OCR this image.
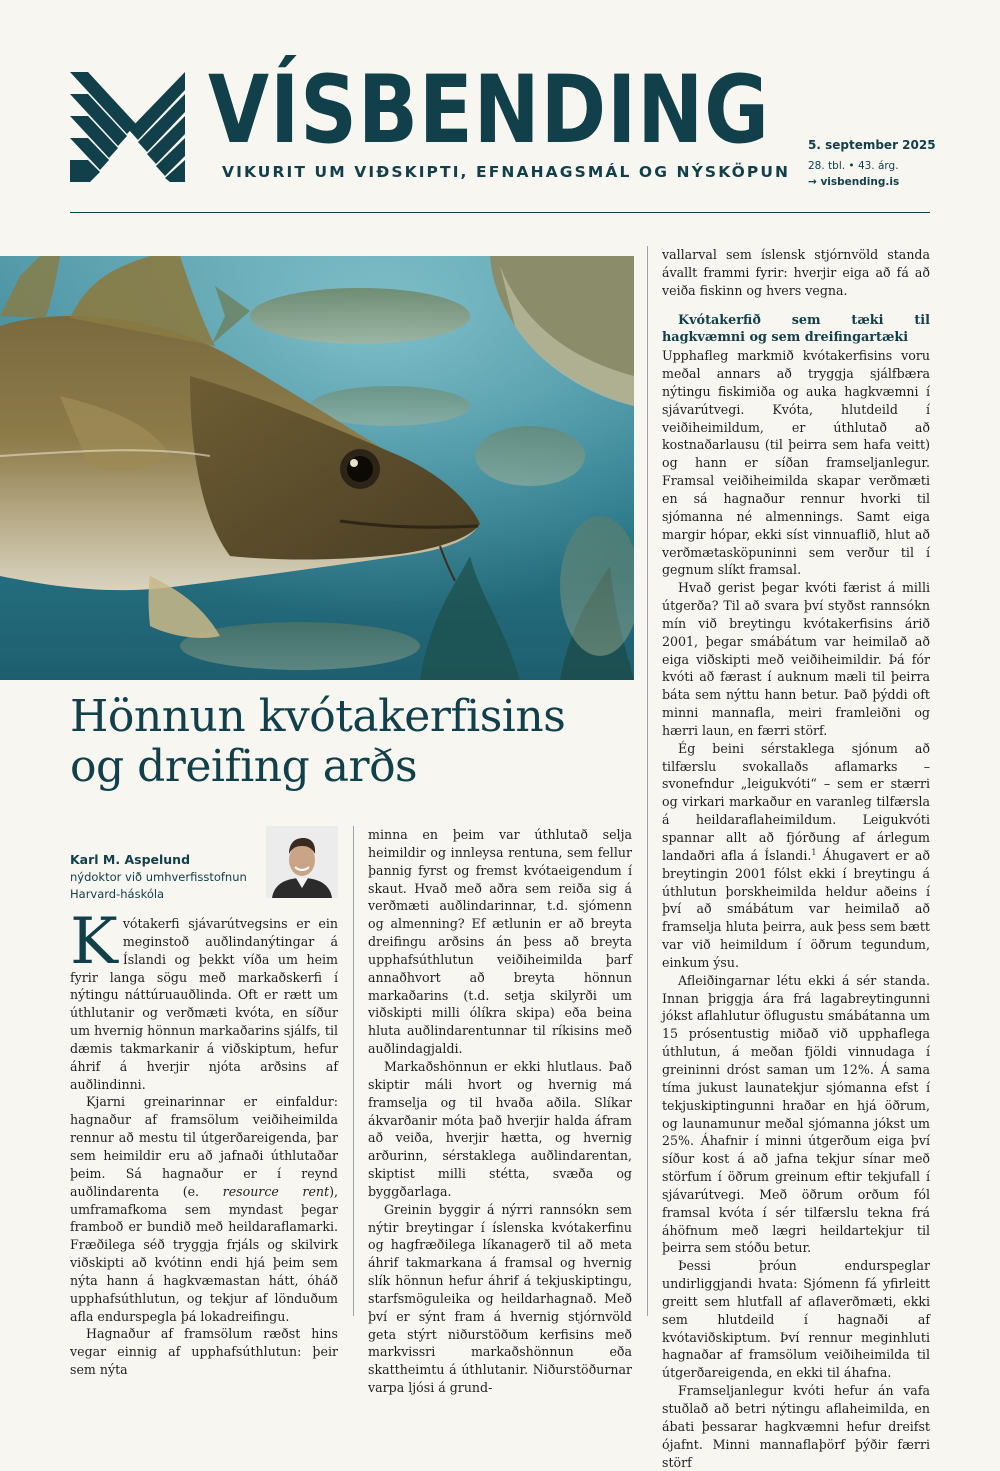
VÍSBENDING
VIKURIT UM VIÐSKIPTI, EFNAHAGSMÁL OG NÝSKÖPUN
5. september 2025
28. tbl. • 43. árg.
→ visbending.is
Hönnun kvótakerfisins
og dreifing arðs
Karl M. Aspelund
nýdoktor við umhverfisstofnun
Harvard-háskóla

Kvótakerfi sjávarútvegsins er ein meginstoð auðlindanýtingar á Íslandi og þekkt víða um heim fyrir langa sögu með markaðskerfi í nýtingu náttúruauðlinda. Oft er rætt um úthlutanir og verðmæti kvóta, en síður um hvernig hönnun markaðarins sjálfs, til dæmis takmarkanir á viðskiptum, hefur áhrif á hverjir njóta arðsins af auðlindinni.

Kjarni greinarinnar er einfaldur: hagnaður af framsölum veiðiheimilda rennur að mestu til útgerðareigenda, þar sem heimildir eru að jafnaði úthlutaðar þeim. Sá hagnaður er í reynd auðlindarenta (e. resource rent), umframafkoma sem myndast þegar framboð er bundið með heildaraflamarki. Fræðilega séð tryggja frjáls og skilvirk viðskipti að kvótinn endi hjá þeim sem nýta hann á hagkvæmastan hátt, óháð upphafsúthlutun, og tekjur af lönduðum afla endurspegla þá lokadreifingu.

Hagnaður af framsölum ræðst hins vegar einnig af upphafsúthlutun: þeir sem nýta

minna en þeim var úthlutað selja heimildir og innleysa rentuna, sem fellur þannig fyrst og fremst kvótaeigendum í skaut. Hvað með aðra sem reiða sig á verðmæti auðlindarinnar, t.d. sjómenn og almenning? Ef ætlunin er að breyta dreifingu arðsins án þess að breyta upphafsúthlutun veiðiheimilda þarf annaðhvort að breyta hönnun markaðarins (t.d. setja skilyrði um viðskipti milli ólíkra skipa) eða beina hluta auðlindarentunnar til ríkisins með auðlindagjaldi.

Markaðshönnun er ekki hlutlaus. Það skiptir máli hvort og hvernig má framselja og til hvaða aðila. Slíkar ákvarðanir móta það hverjir halda áfram að veiða, hverjir hætta, og hvernig arðurinn, sérstaklega auðlindarentan, skiptist milli stétta, svæða og byggðarlaga.

Greinin byggir á nýrri rannsókn sem nýtir breytingar í íslenska kvótakerfinu og hagfræðilega líkanagerð til að meta áhrif takmarkana á framsal og hvernig slík hönnun hefur áhrif á tekjuskiptingu, starfsmöguleika og heildarhagnað. Með því er sýnt fram á hvernig stjórnvöld geta stýrt niðurstöðum kerfisins með markvissri markaðshönnun eða skattheimtu á úthlutanir. Niðurstöðurnar varpa ljósi á grund-

vallarval sem íslensk stjórnvöld standa ávallt frammi fyrir: hverjir eiga að fá að veiða fiskinn og hvers vegna.

Kvótakerfið sem tæki til hagkvæmni og sem dreifingartæki

Upphafleg markmið kvótakerfisins voru meðal annars að tryggja sjálfbæra nýtingu fiskimiða og auka hagkvæmni í sjávarútvegi. Kvóta, hlutdeild í veiðiheimildum, er úthlutað að kostnaðarlausu (til þeirra sem hafa veitt) og hann er síðan framseljanlegur. Framsal veiðiheimilda skapar verðmæti en sá hagnaður rennur hvorki til sjómanna né almennings. Samt eiga margir hópar, ekki síst vinnuaflið, hlut að verðmætasköpuninni sem verður til í gegnum slíkt framsal.

Hvað gerist þegar kvóti færist á milli útgerða? Til að svara því styðst rannsókn mín við breytingu kvótakerfisins árið 2001, þegar smábátum var heimilað að eiga viðskipti með veiðiheimildir. Þá fór kvóti að færast í auknum mæli til þeirra báta sem nýttu hann betur. Það þýddi oft minni mannafla, meiri framleiðni og hærri laun, en færri störf.

Ég beini sérstaklega sjónum að tilfærslu svokallaðs aflamarks – svonefndur „leigukvóti“ – sem er stærri og virkari markaður en varanleg tilfærsla á heildaraflaheimildum. Leigukvóti spannar allt að fjórðung af árlegum landaðri afla á Íslandi.$^1$ Áhugavert er að breytingin 2001 fólst ekki í breytingu á úthlutun þorskheimilda heldur aðeins í því að smábátum var heimilað að framselja hluta þeirra, auk þess sem bætt var við heimildum í öðrum tegundum, einkum ýsu.

Afleiðingarnar létu ekki á sér standa. Innan þriggja ára frá lagabreytingunni jókst aflahlutur öflugustu smábátanna um 15 prósentustig miðað við upphaflega úthlutun, á meðan fjöldi vinnudaga í greininni dróst saman um 12%. Á sama tíma jukust launatekjur sjómanna efst í tekjuskiptingunni hraðar en hjá öðrum, og launamunur meðal sjómanna jókst um 25%. Áhafnir í minni útgerðum eiga því síður kost á að jafna tekjur sínar með störfum í öðrum greinum eftir tekjufall í sjávarútvegi. Með öðrum orðum fól framsal kvóta í sér tilfærslu tekna frá áhöfnum með lægri heildartekjur til þeirra sem stóðu betur.

Þessi þróun endurspeglar undirliggjandi hvata: Sjómenn fá yfirleitt greitt sem hlutfall af aflaverðmæti, ekki sem hlutdeild í hagnaði af kvótaviðskiptum. Því rennur meginhluti hagnaðar af framsölum veiðiheimilda til útgerðareigenda, en ekki til áhafna.

Framseljanlegur kvóti hefur án vafa stuðlað að betri nýtingu aflaheimilda, en ábati þessarar hagkvæmni hefur dreifst ójafnt. Minni mannaflaþörf þýðir færri störf
